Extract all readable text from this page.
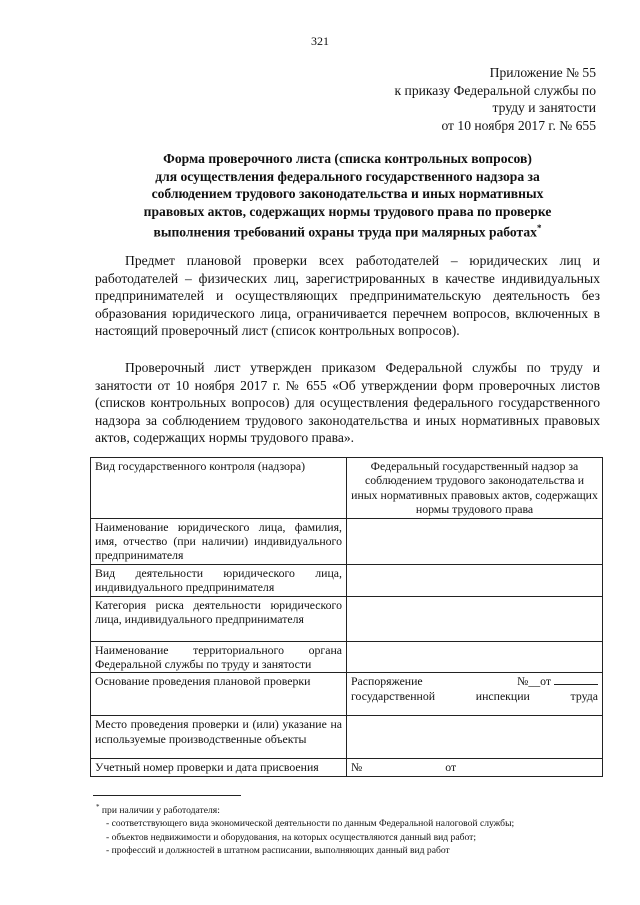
321
Приложение № 55
к приказу Федеральной службы по
труду и занятости
от 10 ноября 2017 г. № 655
Форма проверочного листа (списка контрольных вопросов)
для осуществления федерального государственного надзора за
соблюдением трудового законодательства и иных нормативных
правовых актов, содержащих нормы трудового права по проверке
выполнения требований охраны труда при малярных работах*

Предмет плановой проверки всех работодателей – юридических лиц и работодателей – физических лиц, зарегистрированных в качестве индивидуальных предпринимателей и осуществляющих предпринимательскую деятельность без образования юридического лица, ограничивается перечнем вопросов, включенных в настоящий проверочный лист (список контрольных вопросов).

Проверочный лист утвержден приказом Федеральной службы по труду и занятости от 10 ноября 2017 г. № 655 «Об утверждении форм проверочных листов (списков контрольных вопросов) для осуществления федерального государственного надзора за соблюдением трудового законодательства и иных нормативных правовых актов, содержащих нормы трудового права».

Вид государственного контроля (надзора)	Федеральный государственный надзор за соблюдением трудового законодательства и иных нормативных правовых актов, содержащих нормы трудового права
Наименование юридического лица, фамилия, имя, отчество (при наличии) индивидуального предпринимателя	
Вид деятельности юридического лица, индивидуального предпринимателя	
Категория риска деятельности юридического лица, индивидуального предпринимателя	
Наименование территориального органа Федеральной службы по труду и занятости	
Основание проведения плановой проверки	Распоряжение №__от
государственной инспекции труда

Место проведения проверки и (или) указание на используемые производственные объекты	
Учетный номер проверки и дата присвоения	№ от
* при наличии у работодателя:
- соответствующего вида экономической деятельности по данным Федеральной налоговой службы;
- объектов недвижимости и оборудования, на которых осуществляются данный вид работ;
- профессий и должностей в штатном расписании, выполняющих данный вид работ
